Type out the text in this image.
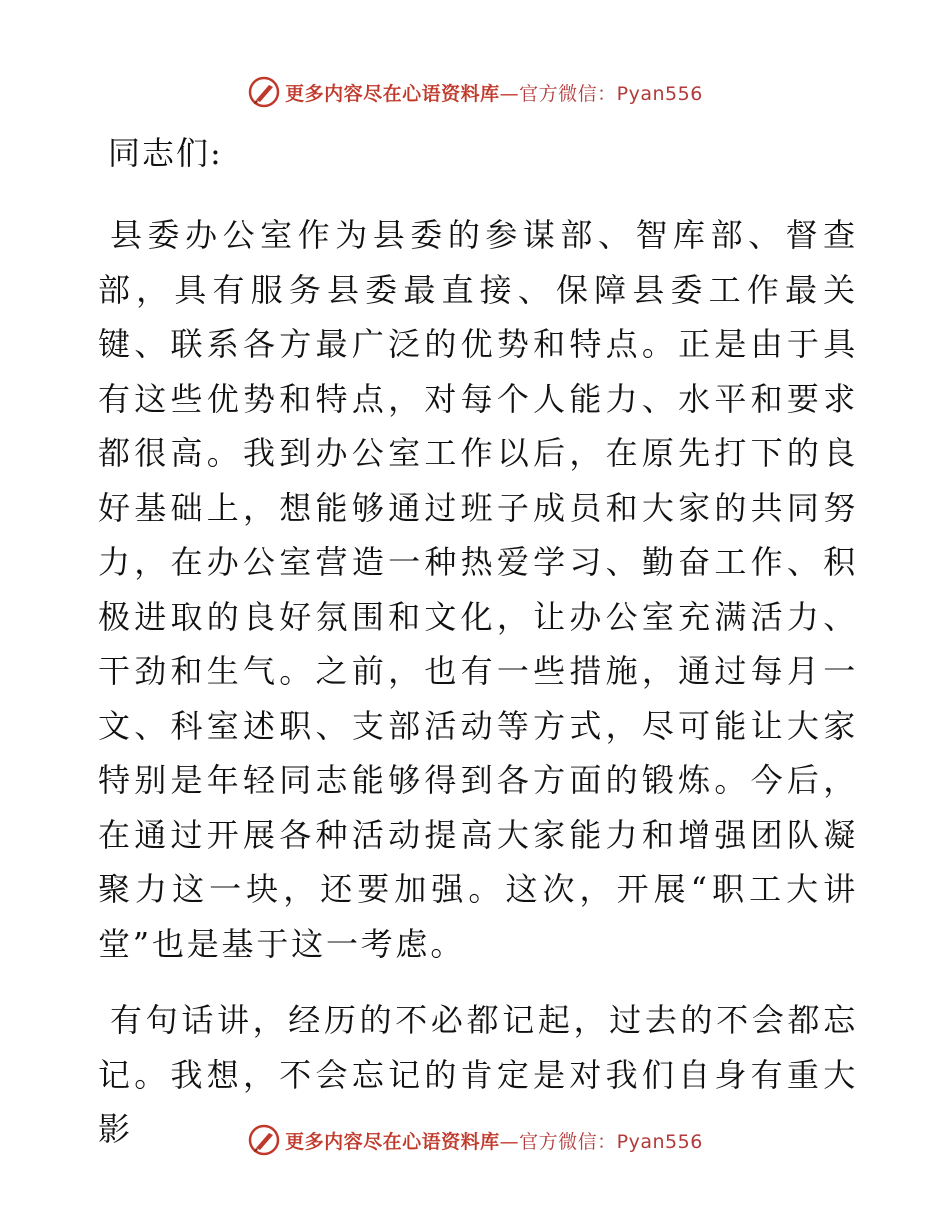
更多内容尽在心语资料库—官方微信：Pyan556
同志们:

县委办公室作为县委的参谋部、智库部、督查部，具有服务县委最直接、保障县委工作最关键、联系各方最广泛的优势和特点。正是由于具有这些优势和特点，对每个人能力、水平和要求都很高。我到办公室工作以后，在原先打下的良好基础上，想能够通过班子成员和大家的共同努力，在办公室营造一种热爱学习、勤奋工作、积极进取的良好氛围和文化，让办公室充满活力、干劲和生气。之前，也有一些措施，通过每月一文、科室述职、支部活动等方式，尽可能让大家特别是年轻同志能够得到各方面的锻炼。今后，在通过开展各种活动提高大家能力和增强团队凝聚力这一块，还要加强。这次，开展“职工大讲堂”也是基于这一考虑。

有句话讲，经历的不必都记起，过去的不会都忘记。我想，不会忘记的肯定是对我们自身有重大影	更多内容尽在心语资料库—官方微信：Pyan556
